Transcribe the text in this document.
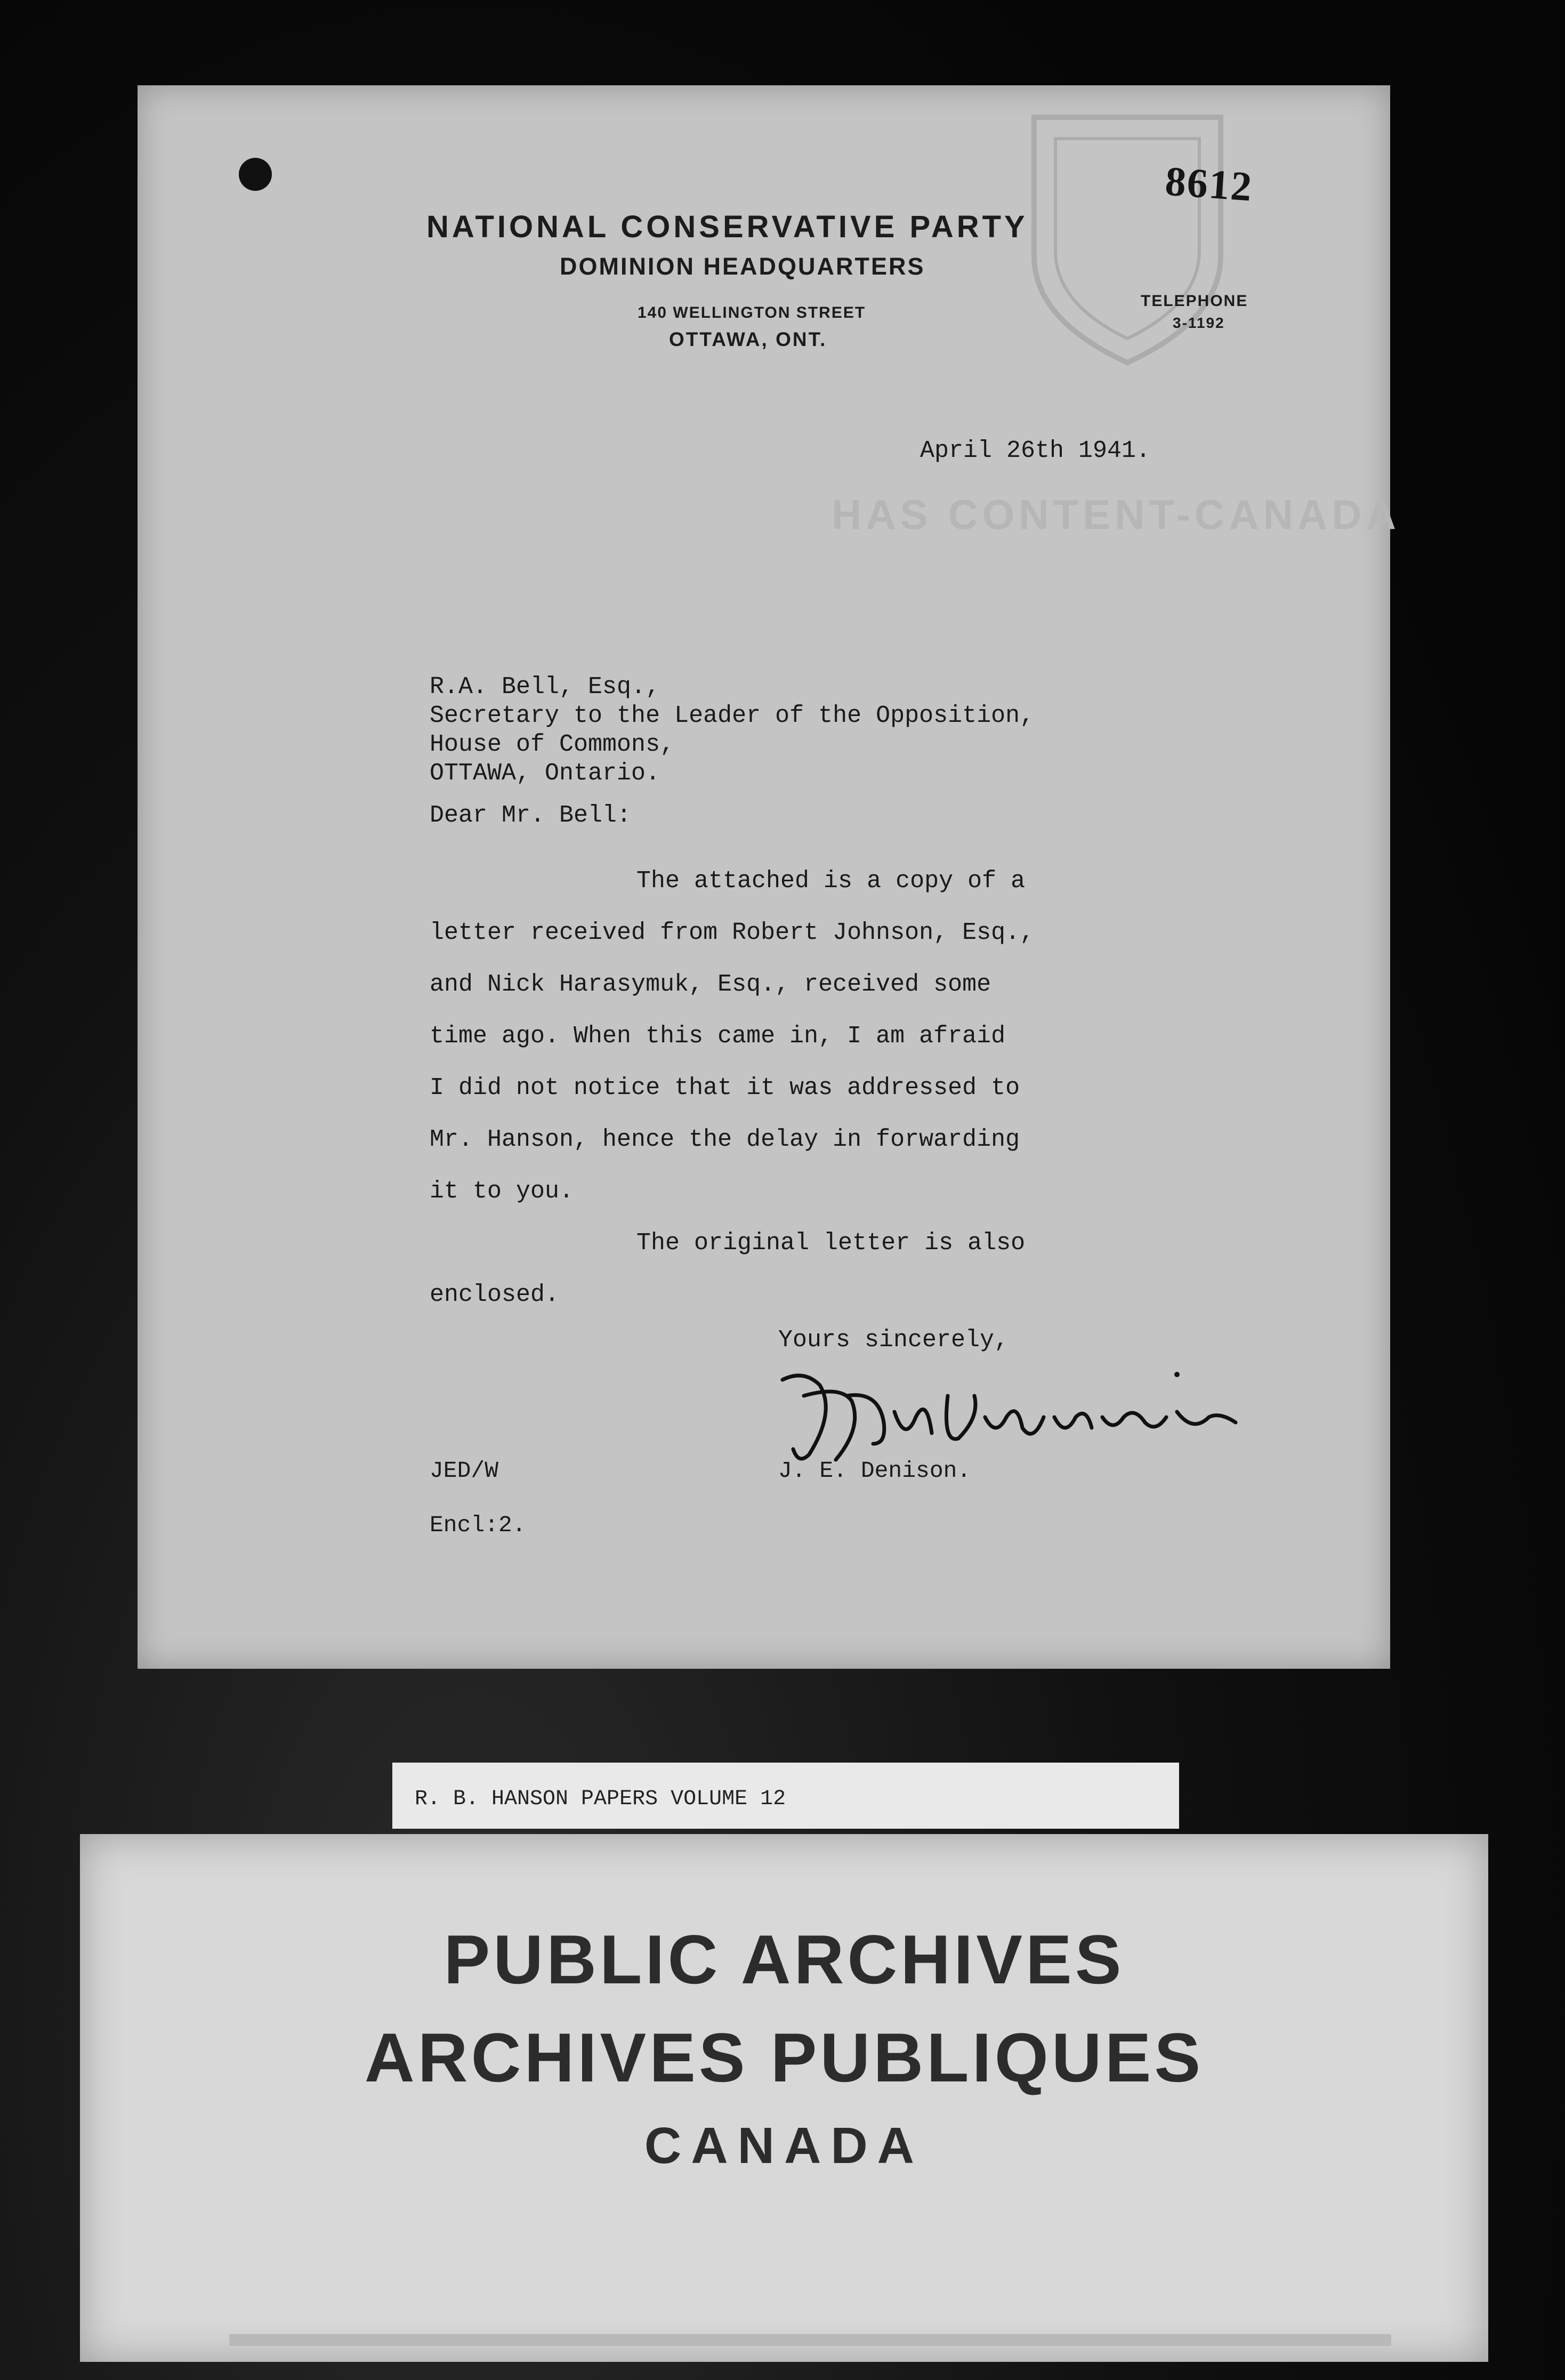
8612
NATIONAL CONSERVATIVE PARTY
DOMINION HEADQUARTERS
140 WELLINGTON STREET
OTTAWA, ONT.
TELEPHONE
3-1192
HAS CONTENT-CANADA
April 26th 1941.
R.A. Bell, Esq.,
Secretary to the Leader of the Opposition,
House of Commons,
OTTAWA, Ontario.
Dear Mr. Bell:
The attached is a copy of a
letter received from Robert Johnson, Esq.,
and Nick Harasymuk, Esq., received some
time ago. When this came in, I am afraid
I did not notice that it was addressed to
Mr. Hanson, hence the delay in forwarding
it to you.
The original letter is also
enclosed.
Yours sincerely,
JED/W	J. E. Denison.
Encl:2.
R. B. HANSON PAPERS VOLUME 12
PUBLIC ARCHIVES
ARCHIVES PUBLIQUES
CANADA
